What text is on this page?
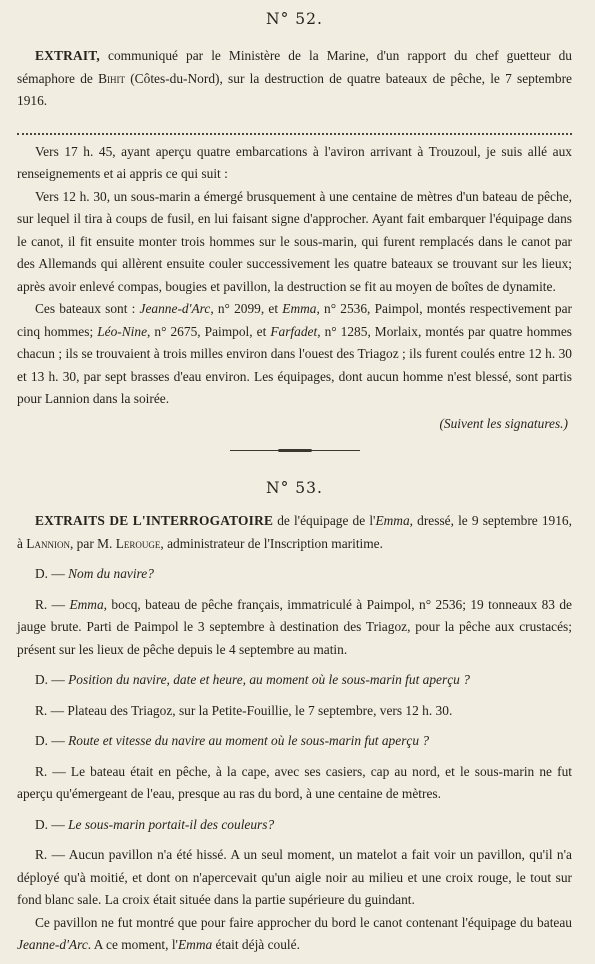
N° 52.

EXTRAIT, communiqué par le Ministère de la Marine, d'un rapport du chef guetteur du sémaphore de Bihit (Côtes-du-Nord), sur la destruction de quatre bateaux de pêche, le 7 septembre 1916.

Vers 17 h. 45, ayant aperçu quatre embarcations à l'aviron arrivant à Trouzoul, je suis allé aux renseignements et ai appris ce qui suit :

Vers 12 h. 30, un sous-marin a émergé brusquement à une centaine de mètres d'un bateau de pêche, sur lequel il tira à coups de fusil, en lui faisant signe d'approcher. Ayant fait embarquer l'équipage dans le canot, il fit ensuite monter trois hommes sur le sous-marin, qui furent remplacés dans le canot par des Allemands qui allèrent ensuite couler successivement les quatre bateaux se trouvant sur les lieux; après avoir enlevé compas, bougies et pavillon, la destruction se fit au moyen de boîtes de dynamite.

Ces bateaux sont : Jeanne-d'Arc, n° 2099, et Emma, n° 2536, Paimpol, montés respectivement par cinq hommes; Léo-Nine, n° 2675, Paimpol, et Farfadet, n° 1285, Morlaix, montés par quatre hommes chacun ; ils se trouvaient à trois milles environ dans l'ouest des Triagoz ; ils furent coulés entre 12 h. 30 et 13 h. 30, par sept brasses d'eau environ. Les équipages, dont aucun homme n'est blessé, sont partis pour Lannion dans la soirée.

(Suivent les signatures.)

N° 53.

EXTRAITS DE L'INTERROGATOIRE de l'équipage de l'Emma, dressé, le 9 septembre 1916, à Lannion, par M. Lerouge, administrateur de l'Inscription maritime.

D. — Nom du navire?

R. — Emma, bocq, bateau de pêche français, immatriculé à Paimpol, n° 2536; 19 tonneaux 83 de jauge brute. Parti de Paimpol le 3 septembre à destination des Triagoz, pour la pêche aux crustacés; présent sur les lieux de pêche depuis le 4 septembre au matin.

D. — Position du navire, date et heure, au moment où le sous-marin fut aperçu ?

R. — Plateau des Triagoz, sur la Petite-Fouillie, le 7 septembre, vers 12 h. 30.

D. — Route et vitesse du navire au moment où le sous-marin fut aperçu ?

R. — Le bateau était en pêche, à la cape, avec ses casiers, cap au nord, et le sous-marin ne fut aperçu qu'émergeant de l'eau, presque au ras du bord, à une centaine de mètres.

D. — Le sous-marin portait-il des couleurs?

R. — Aucun pavillon n'a été hissé. A un seul moment, un matelot a fait voir un pavillon, qu'il n'a déployé qu'à moitié, et dont on n'apercevait qu'un aigle noir au milieu et une croix rouge, le tout sur fond blanc sale. La croix était située dans la partie supérieure du guindant.

Ce pavillon ne fut montré que pour faire approcher du bord le canot contenant l'équipage du bateau Jeanne-d'Arc. A ce moment, l'Emma était déjà coulé.
